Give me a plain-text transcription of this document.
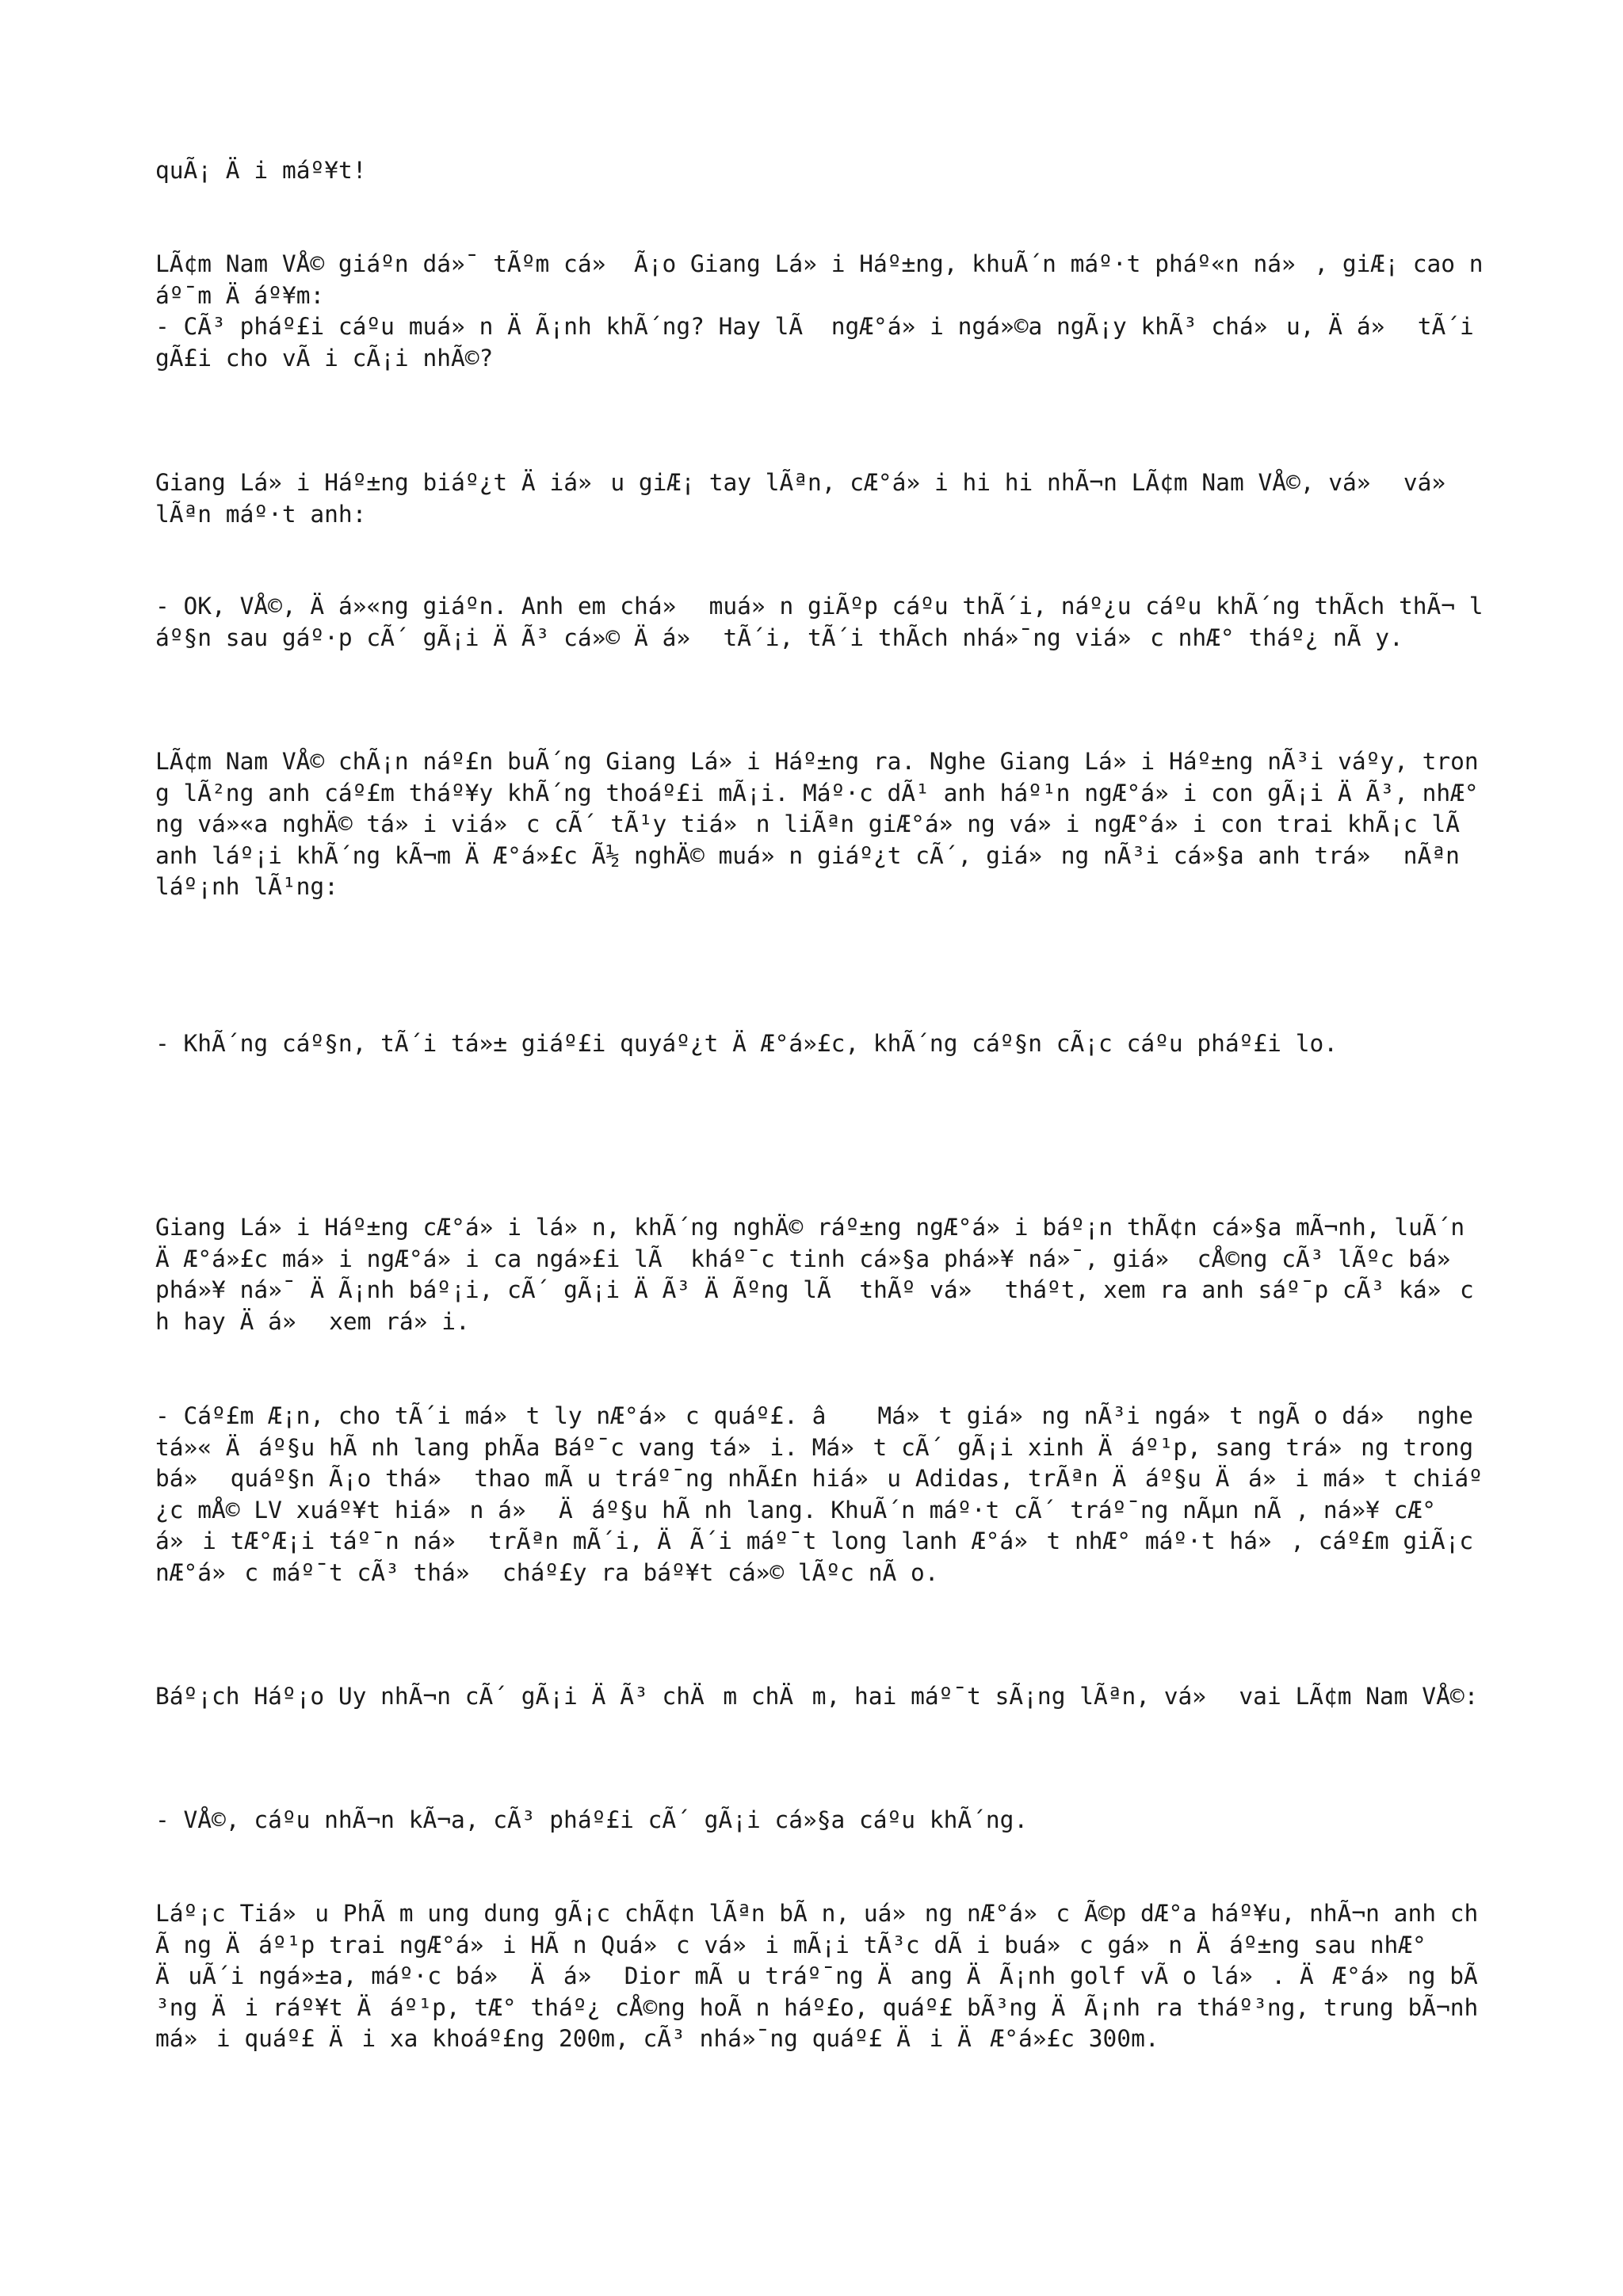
quÃ¡ Äi máº¥t!

LÃ¢m Nam VÅ© giáºn dá»¯ tÃºm cá» Ã¡o Giang Lá»i Háº±ng, khuÃ´n máº·t pháº«n ná», giÆ¡ cao náº¯m Äáº¥m:
- CÃ³ pháº£i cáºu muá»n ÄÃ¡nh khÃ´ng? Hay lÃ  ngÆ°á»i ngá»©a ngÃ¡y khÃ³ chá»u, Äá» tÃ´i gÃ£i cho vÃ i cÃ¡i nhÃ©?

Giang Lá»i Háº±ng biáº¿t Äiá»u giÆ¡ tay lÃªn, cÆ°á»i hi hi nhÃ¬n LÃ¢m Nam VÅ©, vá» vá» lÃªn máº·t anh:

- OK, VÅ©, Äá»«ng giáºn. Anh em chá» muá»n giÃºp cáºu thÃ´i, náº¿u cáºu khÃ´ng thÃch thÃ¬ láº§n sau gáº·p cÃ´ gÃ¡i ÄÃ³ cá»© Äá» tÃ´i, tÃ´i thÃch nhá»¯ng viá»c nhÆ° tháº¿ nÃ y.

LÃ¢m Nam VÅ© chÃ¡n náº£n buÃ´ng Giang Lá»i Háº±ng ra. Nghe Giang Lá»i Háº±ng nÃ³i váºy, trong lÃ²ng anh cáº£m tháº¥y khÃ´ng thoáº£i mÃ¡i. Máº·c dÃ¹ anh háº¹n ngÆ°á»i con gÃ¡i ÄÃ³, nhÆ°ng vá»«a nghÄ© tá»i viá»c cÃ´ tÃ¹y tiá»n liÃªn giÆ°á»ng vá»i ngÆ°á»i con trai khÃ¡c lÃ  anh láº¡i khÃ´ng kÃ¬m ÄÆ°á»£c Ã½ nghÄ© muá»n giáº¿t cÃ´, giá»ng nÃ³i cá»§a anh trá» nÃªn láº¡nh lÃ¹ng:

- KhÃ´ng cáº§n, tÃ´i tá»± giáº£i quyáº¿t ÄÆ°á»£c, khÃ´ng cáº§n cÃ¡c cáºu pháº£i lo.

Giang Lá»i Háº±ng cÆ°á»i lá»n, khÃ´ng nghÄ© ráº±ng ngÆ°á»i báº¡n thÃ¢n cá»§a mÃ¬nh, luÃ´n ÄÆ°á»£c má»i ngÆ°á»i ca ngá»£i lÃ  kháº¯c tinh cá»§a phá»¥ ná»¯, giá» cÅ©ng cÃ³ lÃºc bá» phá»¥ ná»¯ ÄÃ¡nh báº¡i, cÃ´ gÃ¡i ÄÃ³ ÄÃºng lÃ  thÃº vá» tháºt, xem ra anh sáº¯p cÃ³ ká»ch hay Äá» xem rá»i.

- Cáº£m Æ¡n, cho tÃ´i má»t ly nÆ°á»c quáº£. â Má»t giá»ng nÃ³i ngá»t ngÃ o dá» nghe tá»« Äáº§u hÃ nh lang phÃa Báº¯c vang tá»i. Má»t cÃ´ gÃ¡i xinh Äáº¹p, sang trá»ng trong bá» quáº§n Ã¡o thá» thao mÃ u tráº¯ng nhÃ£n hiá»u Adidas, trÃªn Äáº§u Äá»i má»t chiáº¿c mÅ© LV xuáº¥t hiá»n á» Äáº§u hÃ nh lang. KhuÃ´n máº·t cÃ´ tráº¯ng nÃµn nÃ , ná»¥ cÆ°á»i tÆ°Æ¡i táº¯n ná» trÃªn mÃ´i, ÄÃ´i máº¯t long lanh Æ°á»t nhÆ° máº·t há», cáº£m giÃ¡c nÆ°á»c máº¯t cÃ³ thá» cháº£y ra báº¥t cá»© lÃºc nÃ o.

Báº¡ch Háº¡o Uy nhÃ¬n cÃ´ gÃ¡i ÄÃ³ chÄm chÄm, hai máº¯t sÃ¡ng lÃªn, vá» vai LÃ¢m Nam VÅ©:

- VÅ©, cáºu nhÃ¬n kÃ¬a, cÃ³ pháº£i cÃ´ gÃ¡i cá»§a cáºu khÃ´ng.

Láº¡c Tiá»u PhÃ m ung dung gÃ¡c chÃ¢n lÃªn bÃ n, uá»ng nÆ°á»c Ã©p dÆ°a háº¥u, nhÃ¬n anh chÃ ng Äáº¹p trai ngÆ°á»i HÃ n Quá»c vá»i mÃ¡i tÃ³c dÃ i buá»c gá»n Äáº±ng sau nhÆ° ÄuÃ´i ngá»±a, máº·c bá» Äá» Dior mÃ u tráº¯ng Äang ÄÃ¡nh golf vÃ o lá». ÄÆ°á»ng bÃ³ng Äi ráº¥t Äáº¹p, tÆ° tháº¿ cÅ©ng hoÃ n háº£o, quáº£ bÃ³ng ÄÃ¡nh ra tháº³ng, trung bÃ¬nh má»i quáº£ Äi xa khoáº£ng 200m, cÃ³ nhá»¯ng quáº£ Äi ÄÆ°á»£c 300m.
